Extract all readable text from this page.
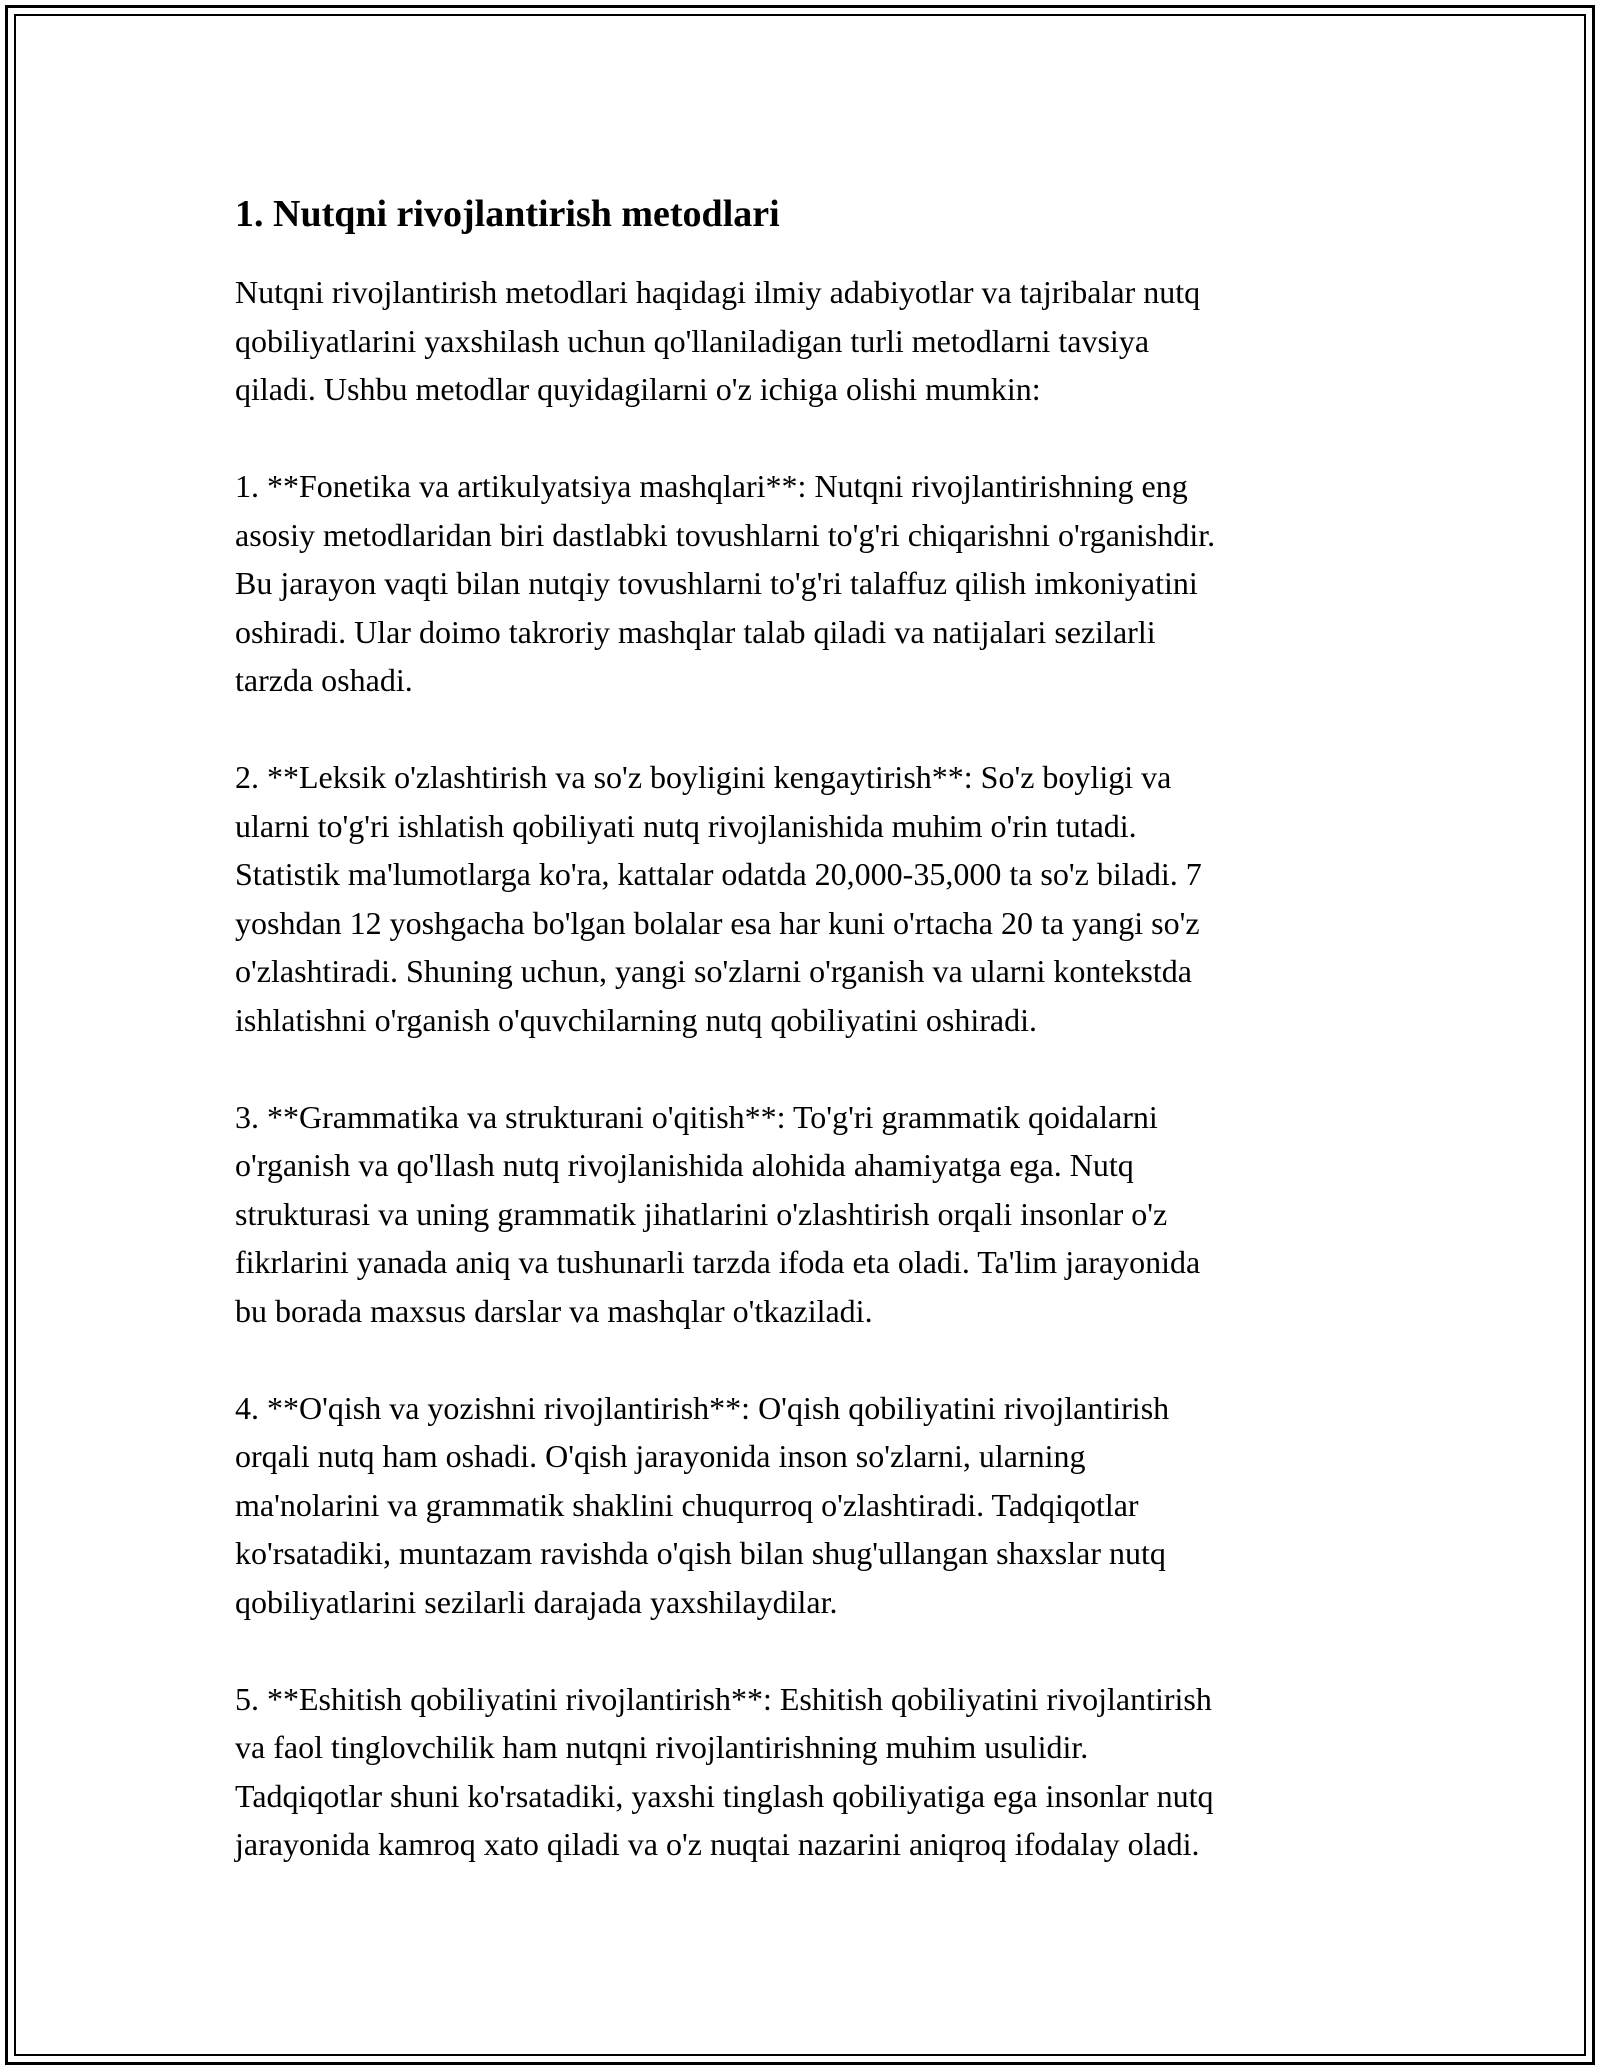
1. Nutqni rivojlantirish metodlari

Nutqni rivojlantirish metodlari haqidagi ilmiy adabiyotlar va tajribalar nutq
qobiliyatlarini yaxshilash uchun qo'llaniladigan turli metodlarni tavsiya
qiladi. Ushbu metodlar quyidagilarni o'z ichiga olishi mumkin:

1. **Fonetika va artikulyatsiya mashqlari**: Nutqni rivojlantirishning eng
asosiy metodlaridan biri dastlabki tovushlarni to'g'ri chiqarishni o'rganishdir.
Bu jarayon vaqti bilan nutqiy tovushlarni to'g'ri talaffuz qilish imkoniyatini
oshiradi. Ular doimo takroriy mashqlar talab qiladi va natijalari sezilarli
tarzda oshadi.

2. **Leksik o'zlashtirish va so'z boyligini kengaytirish**: So'z boyligi va
ularni to'g'ri ishlatish qobiliyati nutq rivojlanishida muhim o'rin tutadi.
Statistik ma'lumotlarga ko'ra, kattalar odatda 20,000-35,000 ta so'z biladi. 7
yoshdan 12 yoshgacha bo'lgan bolalar esa har kuni o'rtacha 20 ta yangi so'z
o'zlashtiradi. Shuning uchun, yangi so'zlarni o'rganish va ularni kontekstda
ishlatishni o'rganish o'quvchilarning nutq qobiliyatini oshiradi.

3. **Grammatika va strukturani o'qitish**: To'g'ri grammatik qoidalarni
o'rganish va qo'llash nutq rivojlanishida alohida ahamiyatga ega. Nutq
strukturasi va uning grammatik jihatlarini o'zlashtirish orqali insonlar o'z
fikrlarini yanada aniq va tushunarli tarzda ifoda eta oladi. Ta'lim jarayonida
bu borada maxsus darslar va mashqlar o'tkaziladi.

4. **O'qish va yozishni rivojlantirish**: O'qish qobiliyatini rivojlantirish
orqali nutq ham oshadi. O'qish jarayonida inson so'zlarni, ularning
ma'nolarini va grammatik shaklini chuqurroq o'zlashtiradi. Tadqiqotlar
ko'rsatadiki, muntazam ravishda o'qish bilan shug'ullangan shaxslar nutq
qobiliyatlarini sezilarli darajada yaxshilaydilar.

5. **Eshitish qobiliyatini rivojlantirish**: Eshitish qobiliyatini rivojlantirish
va faol tinglovchilik ham nutqni rivojlantirishning muhim usulidir.
Tadqiqotlar shuni ko'rsatadiki, yaxshi tinglash qobiliyatiga ega insonlar nutq
jarayonida kamroq xato qiladi va o'z nuqtai nazarini aniqroq ifodalay oladi.
